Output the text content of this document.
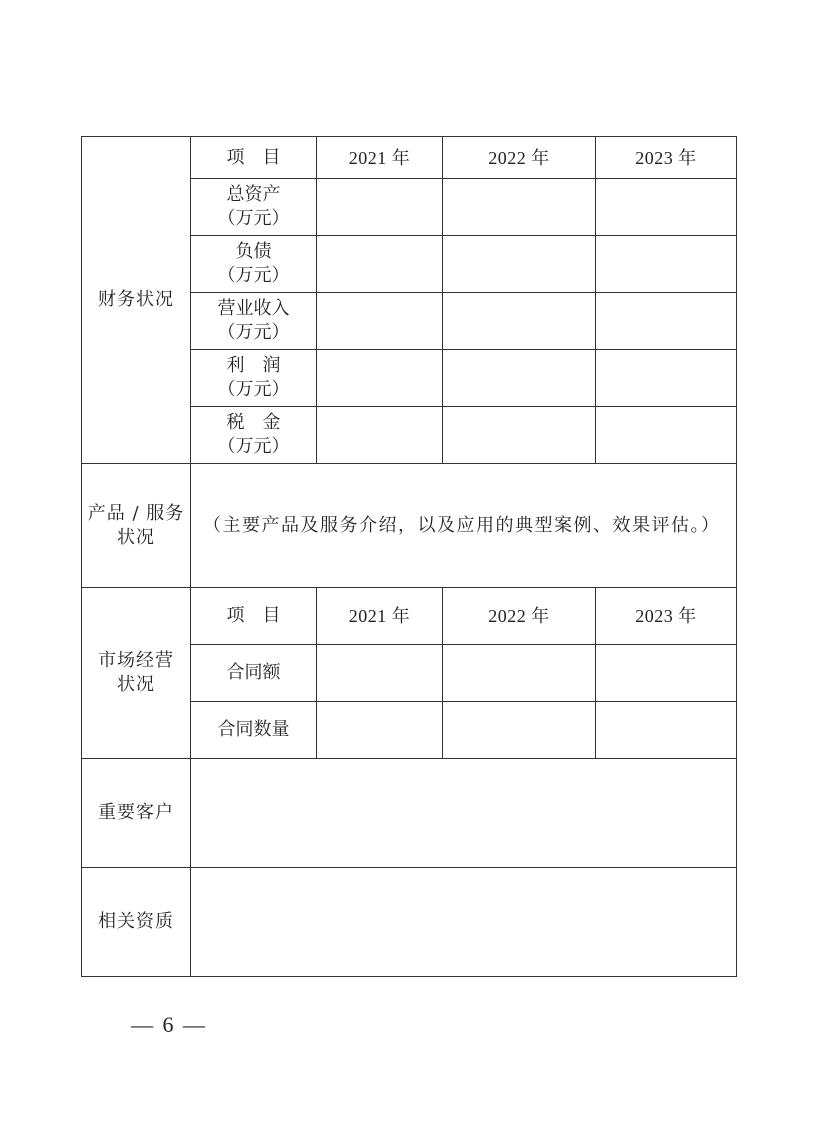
财务状况	项　目	2021 年	2022 年	2023 年

	总资产
（万元）			

	负债
（万元）			

	营业收入
（万元）			

	利　润
（万元）			

	税　金
（万元）			

产品 / 服务
状况	（主要产品及服务介绍，以及应用的典型案例、效果评估。）			

市场经营
状况	项　目	2021 年	2022 年	2023 年
	合同额			
	合同数量			
重要客户				
相关资质				
— 6 —
